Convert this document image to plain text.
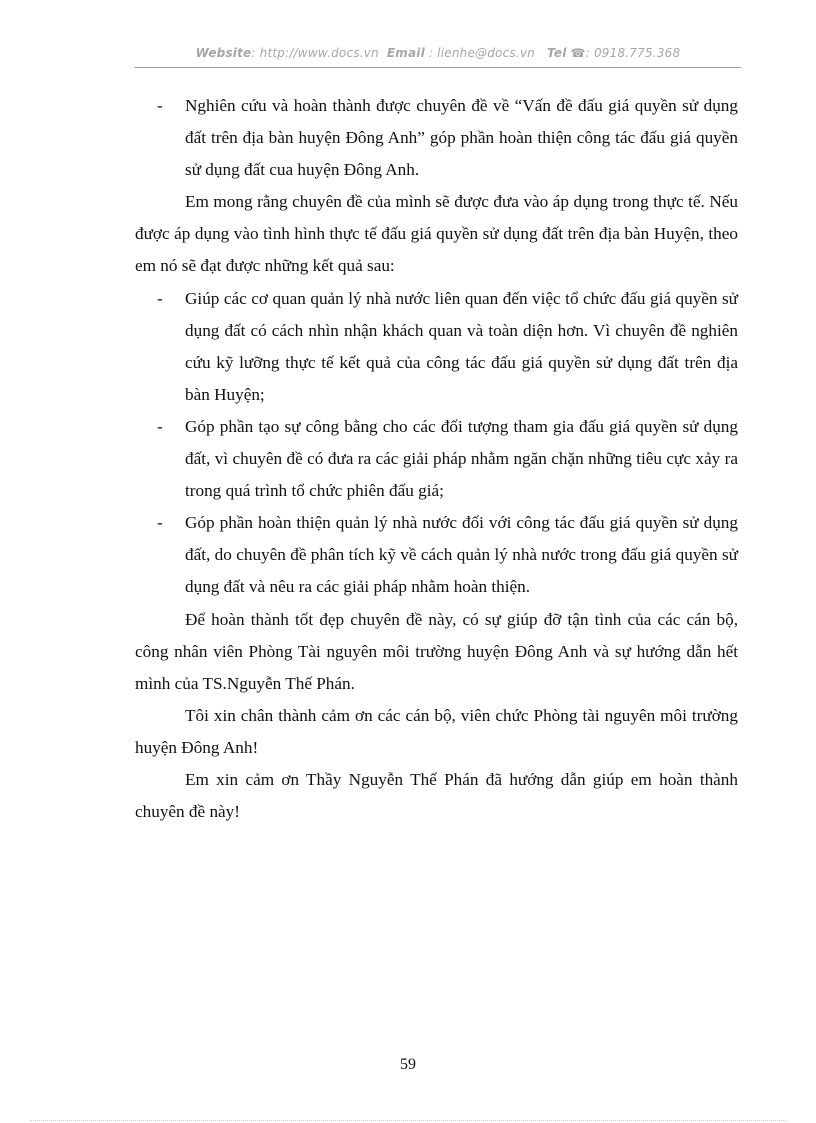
Website: http://www.docs.vn Email : lienhe@docs.vn Tel ☎: 0918.775.368

- Nghiên cứu và hoàn thành được chuyên đề về “Vấn đề đấu giá quyền sử dụng đất trên địa bàn huyện Đông Anh” góp phần hoàn thiện công tác đấu giá quyền sử dụng đất cua huyện Đông Anh.

Em mong rằng chuyên đề của mình sẽ được đưa vào áp dụng trong thực tế. Nếu được áp dụng vào tình hình thực tế đấu giá quyền sử dụng đất trên địa bàn Huyện, theo em nó sẽ đạt được những kết quả sau:

- Giúp các cơ quan quản lý nhà nước liên quan đến việc tổ chức đấu giá quyền sử dụng đất có cách nhìn nhận khách quan và toàn diện hơn. Vì chuyên đề nghiên cứu kỹ lưỡng thực tế kết quả của công tác đấu giá quyền sử dụng đất trên địa bàn Huyện;

- Góp phần tạo sự công bằng cho các đối tượng tham gia đấu giá quyền sử dụng đất, vì chuyên đề có đưa ra các giải pháp nhằm ngăn chặn những tiêu cực xảy ra trong quá trình tổ chức phiên đấu giá;

- Góp phần hoàn thiện quản lý nhà nước đối với công tác đấu giá quyền sử dụng đất, do chuyên đề phân tích kỹ về cách quản lý nhà nước trong đấu giá quyền sử dụng đất và nêu ra các giải pháp nhằm hoàn thiện.

Để hoàn thành tốt đẹp chuyên đề này, có sự giúp đỡ tận tình của các cán bộ, công nhân viên Phòng Tài nguyên môi trường huyện Đông Anh và sự hướng dẫn hết mình của TS.Nguyễn Thế Phán.

Tôi xin chân thành cảm ơn các cán bộ, viên chức Phòng tài nguyên môi trường huyện Đông Anh!

Em xin cảm ơn Thầy Nguyễn Thế Phán đã hướng dẫn giúp em hoàn thành chuyên đề này!

59
